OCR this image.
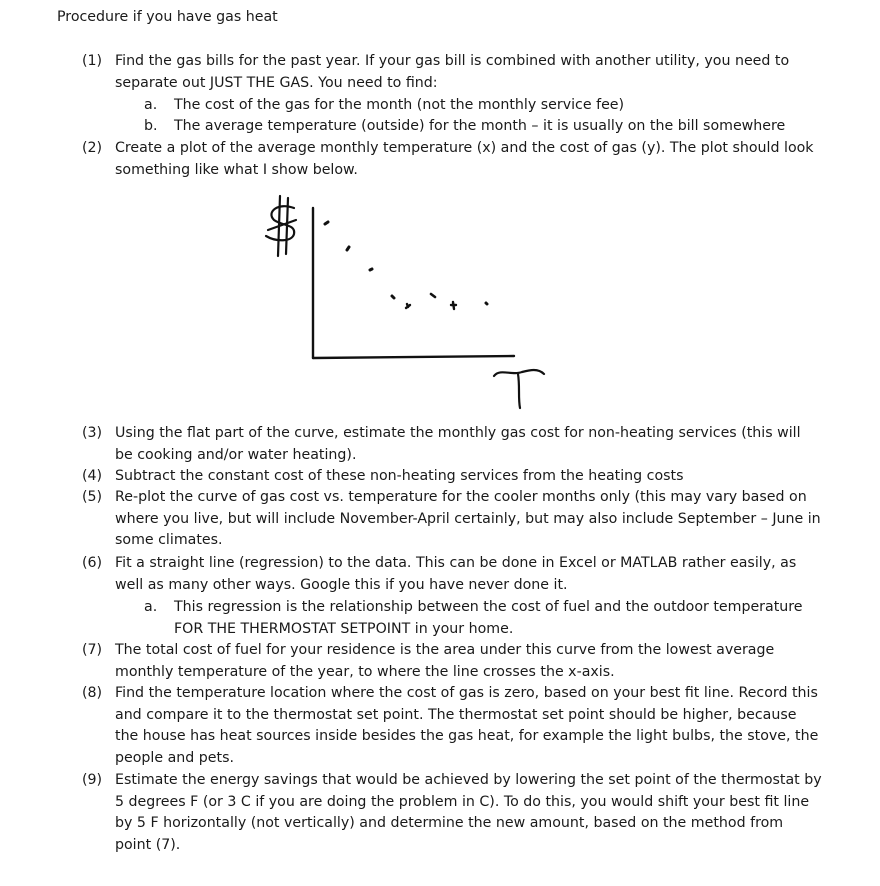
Procedure if you have gas heat
(1) Find the gas bills for the past year. If your gas bill is combined with another utility, you need to separate out JUST THE GAS. You need to find:
a. The cost of the gas for the month (not the monthly service fee)
b. The average temperature (outside) for the month – it is usually on the bill somewhere
(2) Create a plot of the average monthly temperature (x) and the cost of gas (y). The plot should look something like what I show below.
(3) Using the flat part of the curve, estimate the monthly gas cost for non-heating services (this will be cooking and/or water heating).
(4) Subtract the constant cost of these non-heating services from the heating costs
(5) Re-plot the curve of gas cost vs. temperature for the cooler months only (this may vary based on where you live, but will include November-April certainly, but may also include September – June in some climates.
(6) Fit a straight line (regression) to the data. This can be done in Excel or MATLAB rather easily, as well as many other ways. Google this if you have never done it.
a. This regression is the relationship between the cost of fuel and the outdoor temperature FOR THE THERMOSTAT SETPOINT in your home.
(7) The total cost of fuel for your residence is the area under this curve from the lowest average monthly temperature of the year, to where the line crosses the x-axis.
(8) Find the temperature location where the cost of gas is zero, based on your best fit line. Record this and compare it to the thermostat set point. The thermostat set point should be higher, because the house has heat sources inside besides the gas heat, for example the light bulbs, the stove, the people and pets.
(9) Estimate the energy savings that would be achieved by lowering the set point of the thermostat by 5 degrees F (or 3 C if you are doing the problem in C). To do this, you would shift your best fit line by 5 F horizontally (not vertically) and determine the new amount, based on the method from point (7).
